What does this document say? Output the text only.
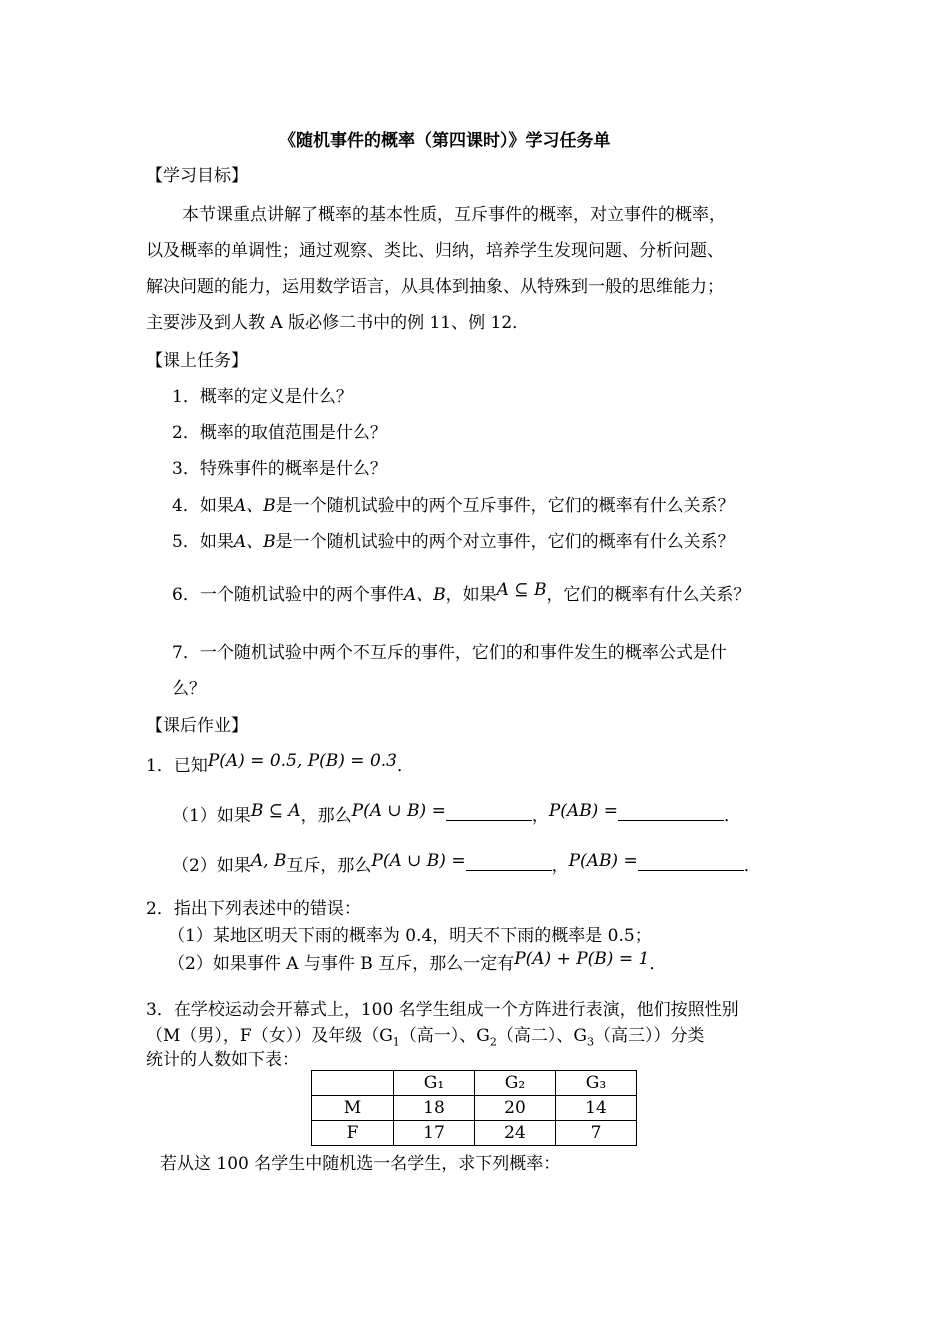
《随机事件的概率（第四课时）》学习任务单
【学习目标】
本节课重点讲解了概率的基本性质，互斥事件的概率，对立事件的概率，
以及概率的单调性；通过观察、类比、归纳，培养学生发现问题、分析问题、
解决问题的能力，运用数学语言，从具体到抽象、从特殊到一般的思维能力；
主要涉及到人教 A 版必修二书中的例 11、例 12．
【课上任务】
1．概率的定义是什么？
2．概率的取值范围是什么？
3．特殊事件的概率是什么？
4．如果A、B是一个随机试验中的两个互斥事件，它们的概率有什么关系？
5．如果A、B是一个随机试验中的两个对立事件，它们的概率有什么关系？
6．一个随机试验中的两个事件A、B，如果A ⊆ B，它们的概率有什么关系？
7．一个随机试验中两个不互斥的事件，它们的和事件发生的概率公式是什
么？
【课后作业】
1．已知P(A) = 0.5, P(B) = 0.3．
（1）如果B ⊆ A，那么P(A ∪ B) =	，P(AB) =	．
（2）如果A, B互斥，那么P(A ∪ B) =	，P(AB) =	．
2．指出下列表述中的错误：
（1）某地区明天下雨的概率为 0.4，明天不下雨的概率是 0.5；
（2）如果事件 A 与事件 B 互斥，那么一定有P(A) + P(B) = 1．
3．在学校运动会开幕式上，100 名学生组成一个方阵进行表演，他们按照性别
（M（男），F（女））及年级（$G_1$（高一）、$G_2$（高二）、$G_3$（高三））分类
统计的人数如下表：
	G₁	G₂	G₃
M	18	20	14
F	17	24	7
若从这 100 名学生中随机选一名学生，求下列概率：
